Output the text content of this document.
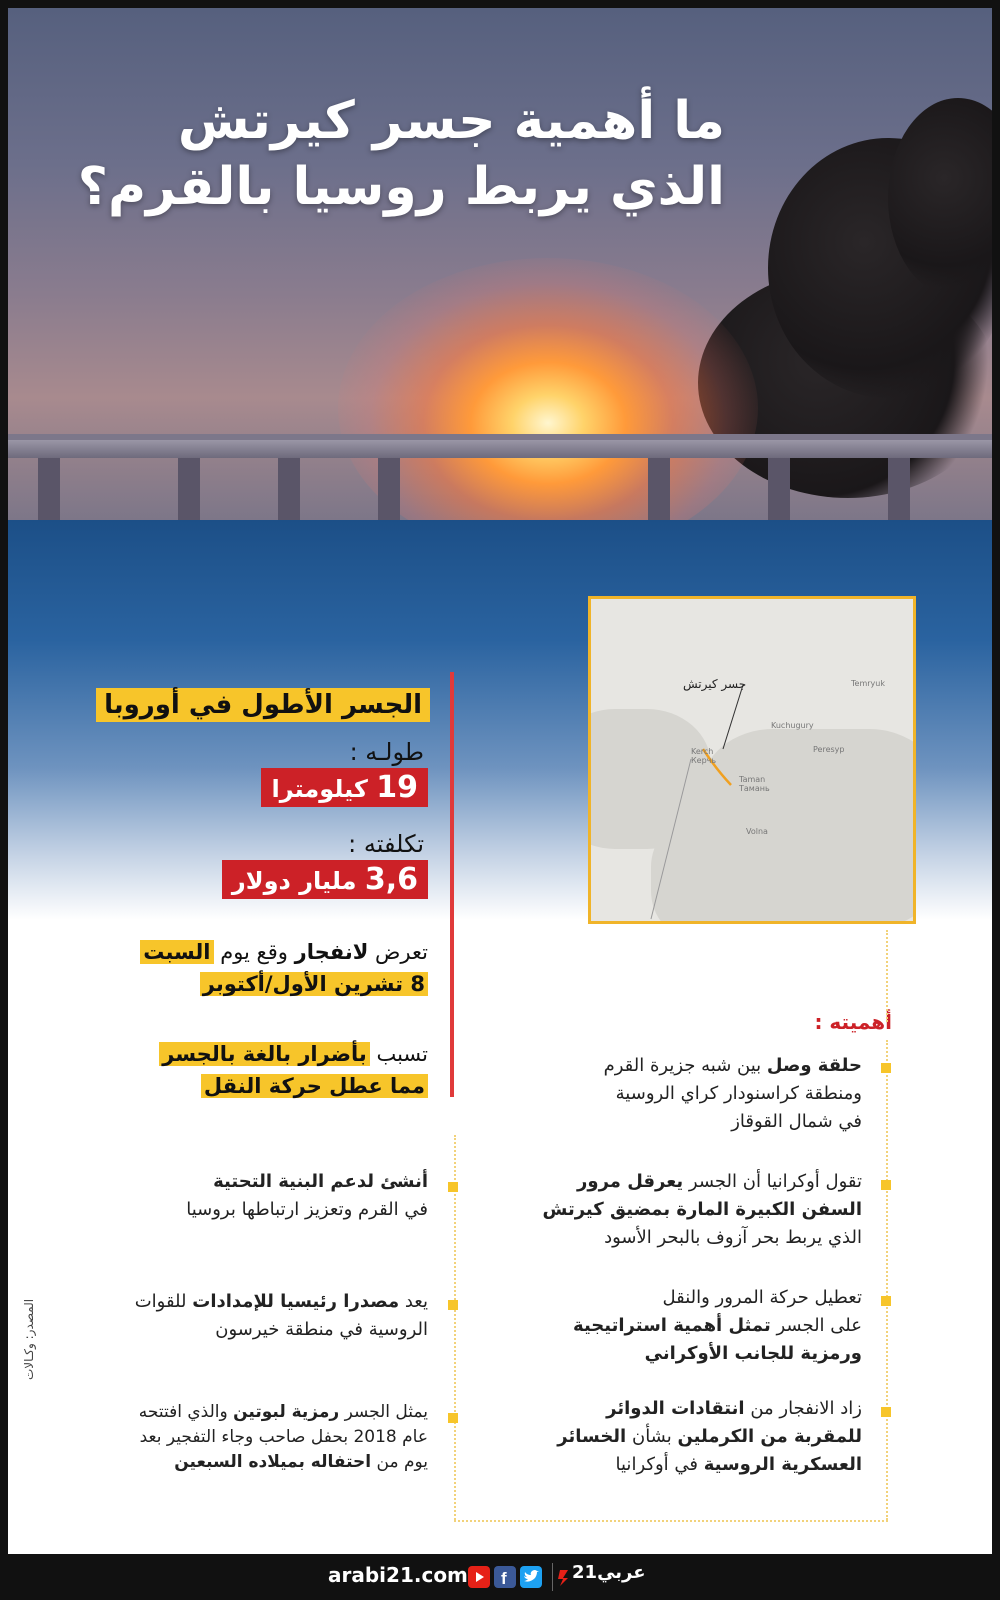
ما أهمية جسر كيرتش
الذي يربط روسيا بالقرم؟
جسر كيرتش
Kerch
Керчь
Taman
Тамань
Temryuk
Volna
Kuchugury
Peresyp
الجسر الأطول في أوروبا
طولـه :
19 كيلومترا
تكلفته :
3,6 مليار دولار
تعرض لانفجار وقع يوم السبت
8 تشرين الأول/أكتوبر
تسبب بأضرار بالغة بالجسر
مما عطل حركة النقل
أهميته :
حلقة وصل بين شبه جزيرة القرم
ومنطقة كراسنودار كراي الروسية
في شمال القوقاز
تقول أوكرانيا أن الجسر يعرقل مرور
السفن الكبيرة المارة بمضيق كيرتش
الذي يربط بحر آزوف بالبحر الأسود
تعطيل حركة المرور والنقل
على الجسر تمثل أهمية استراتيجية
ورمزية للجانب الأوكراني
زاد الانفجار من انتقادات الدوائر
للمقربة من الكرملين بشأن الخسائر
العسكرية الروسية في أوكرانيا
أنشئ لدعم البنية التحتية
في القرم وتعزيز ارتباطها بروسيا
يعد مصدرا رئيسيا للإمدادات للقوات
الروسية في منطقة خيرسون
يمثل الجسر رمزية لبوتين والذي افتتحه
عام 2018 بحفل صاحب وجاء التفجير بعد
يوم من احتفاله بميلاده السبعين
المصدر: وكـالات
arabi21.com f	عربي21
